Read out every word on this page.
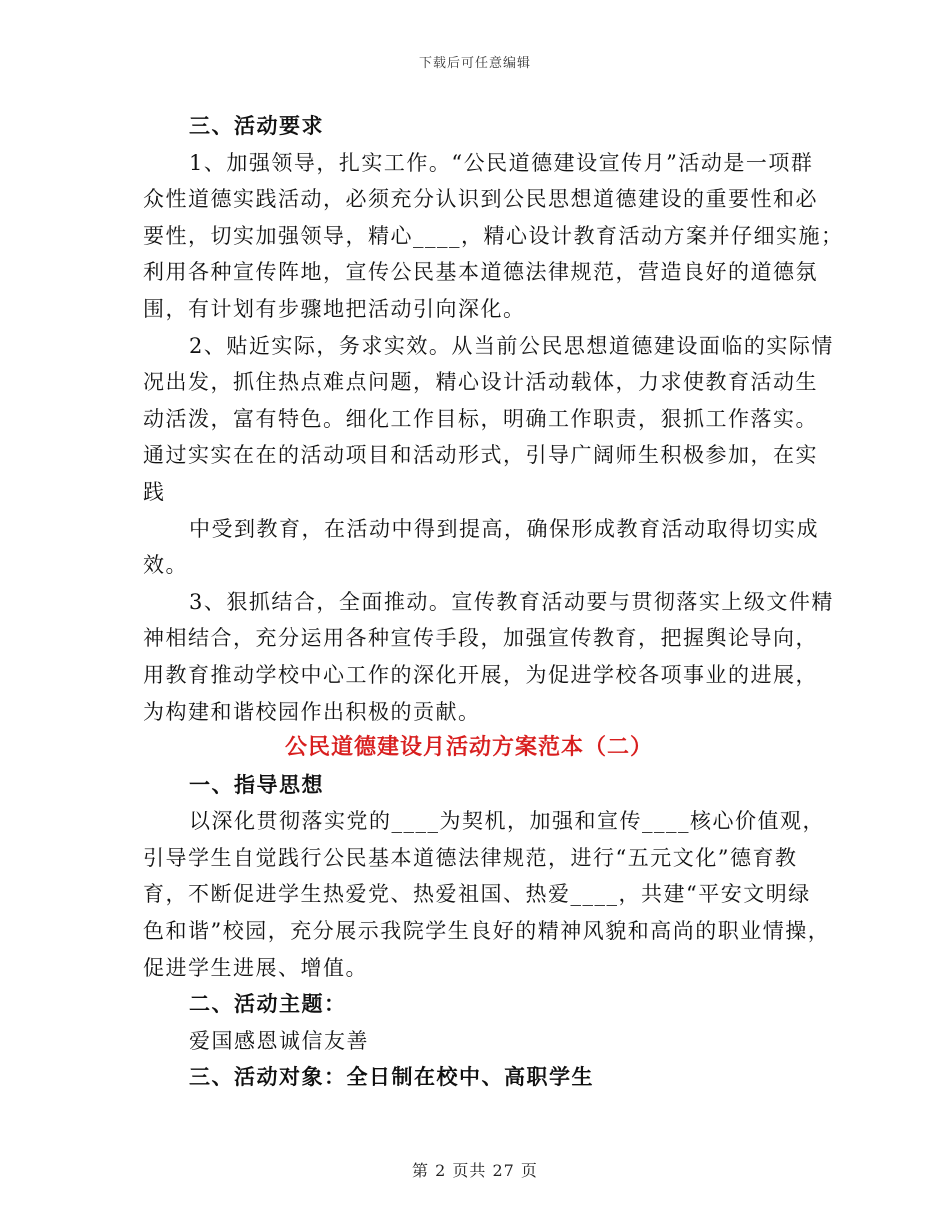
下载后可任意编辑
三、活动要求
1、加强领导，扎实工作。“公民道德建设宣传月”活动是一项群
众性道德实践活动，必须充分认识到公民思想道德建设的重要性和必
要性，切实加强领导，精心____，精心设计教育活动方案并仔细实施；
利用各种宣传阵地，宣传公民基本道德法律规范，营造良好的道德氛
围，有计划有步骤地把活动引向深化。
2、贴近实际，务求实效。从当前公民思想道德建设面临的实际情
况出发，抓住热点难点问题，精心设计活动载体，力求使教育活动生
动活泼，富有特色。细化工作目标，明确工作职责，狠抓工作落实。
通过实实在在的活动项目和活动形式，引导广阔师生积极参加，在实
践
中受到教育，在活动中得到提高，确保形成教育活动取得切实成
效。
3、狠抓结合，全面推动。宣传教育活动要与贯彻落实上级文件精
神相结合，充分运用各种宣传手段，加强宣传教育，把握舆论导向，
用教育推动学校中心工作的深化开展，为促进学校各项事业的进展，
为构建和谐校园作出积极的贡献。
公民道德建设月活动方案范本（二）
一、指导思想
以深化贯彻落实党的____为契机，加强和宣传____核心价值观，
引导学生自觉践行公民基本道德法律规范，进行“五元文化”德育教
育，不断促进学生热爱党、热爱祖国、热爱____，共建“平安文明绿
色和谐”校园，充分展示我院学生良好的精神风貌和高尚的职业情操，
促进学生进展、增值。
二、活动主题：
爱国感恩诚信友善
三、活动对象：全日制在校中、高职学生
第 2 页共 27 页
